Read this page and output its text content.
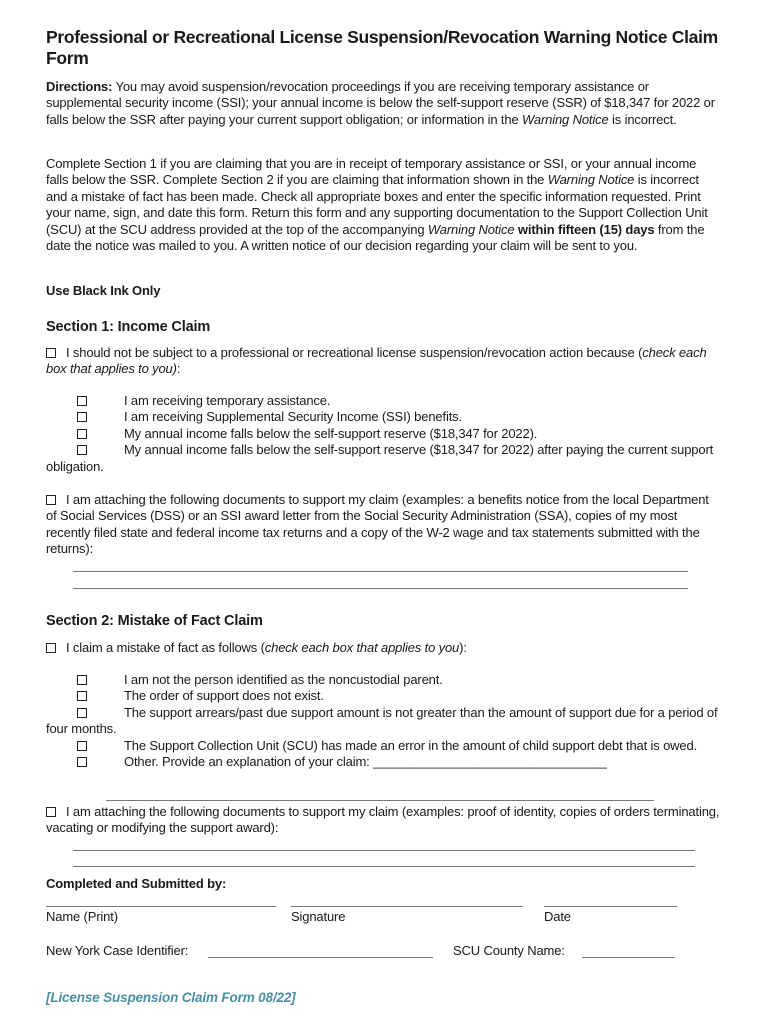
Professional or Recreational License Suspension/Revocation Warning Notice Claim Form
Directions: You may avoid suspension/revocation proceedings if you are receiving temporary assistance or supplemental security income (SSI); your annual income is below the self-support reserve (SSR) of $18,347 for 2022 or falls below the SSR after paying your current support obligation; or information in the Warning Notice is incorrect.
Complete Section 1 if you are claiming that you are in receipt of temporary assistance or SSI, or your annual income falls below the SSR. Complete Section 2 if you are claiming that information shown in the Warning Notice is incorrect and a mistake of fact has been made. Check all appropriate boxes and enter the specific information requested. Print your name, sign, and date this form. Return this form and any supporting documentation to the Support Collection Unit (SCU) at the SCU address provided at the top of the accompanying Warning Notice within fifteen (15) days from the date the notice was mailed to you. A written notice of our decision regarding your claim will be sent to you.
Use Black Ink Only
Section 1: Income Claim
I should not be subject to a professional or recreational license suspension/revocation action because (check each box that applies to you):
I am receiving temporary assistance.
I am receiving Supplemental Security Income (SSI) benefits.
My annual income falls below the self-support reserve ($18,347 for 2022).
My annual income falls below the self-support reserve ($18,347 for 2022) after paying the current support obligation.
I am attaching the following documents to support my claim (examples: a benefits notice from the local Department of Social Services (DSS) or an SSI award letter from the Social Security Administration (SSA), copies of my most recently filed state and federal income tax returns and a copy of the W-2 wage and tax statements submitted with the returns):
Section 2: Mistake of Fact Claim
I claim a mistake of fact as follows (check each box that applies to you):
I am not the person identified as the noncustodial parent.
The order of support does not exist.
The support arrears/past due support amount is not greater than the amount of support due for a period of four months.
The Support Collection Unit (SCU) has made an error in the amount of child support debt that is owed.
Other. Provide an explanation of your claim: _________________________________
I am attaching the following documents to support my claim (examples: proof of identity, copies of orders terminating, vacating or modifying the support award):
Completed and Submitted by:
Name (Print)	Signature	Date
New York Case Identifier:	SCU County Name:
[License Suspension Claim Form 08/22]
